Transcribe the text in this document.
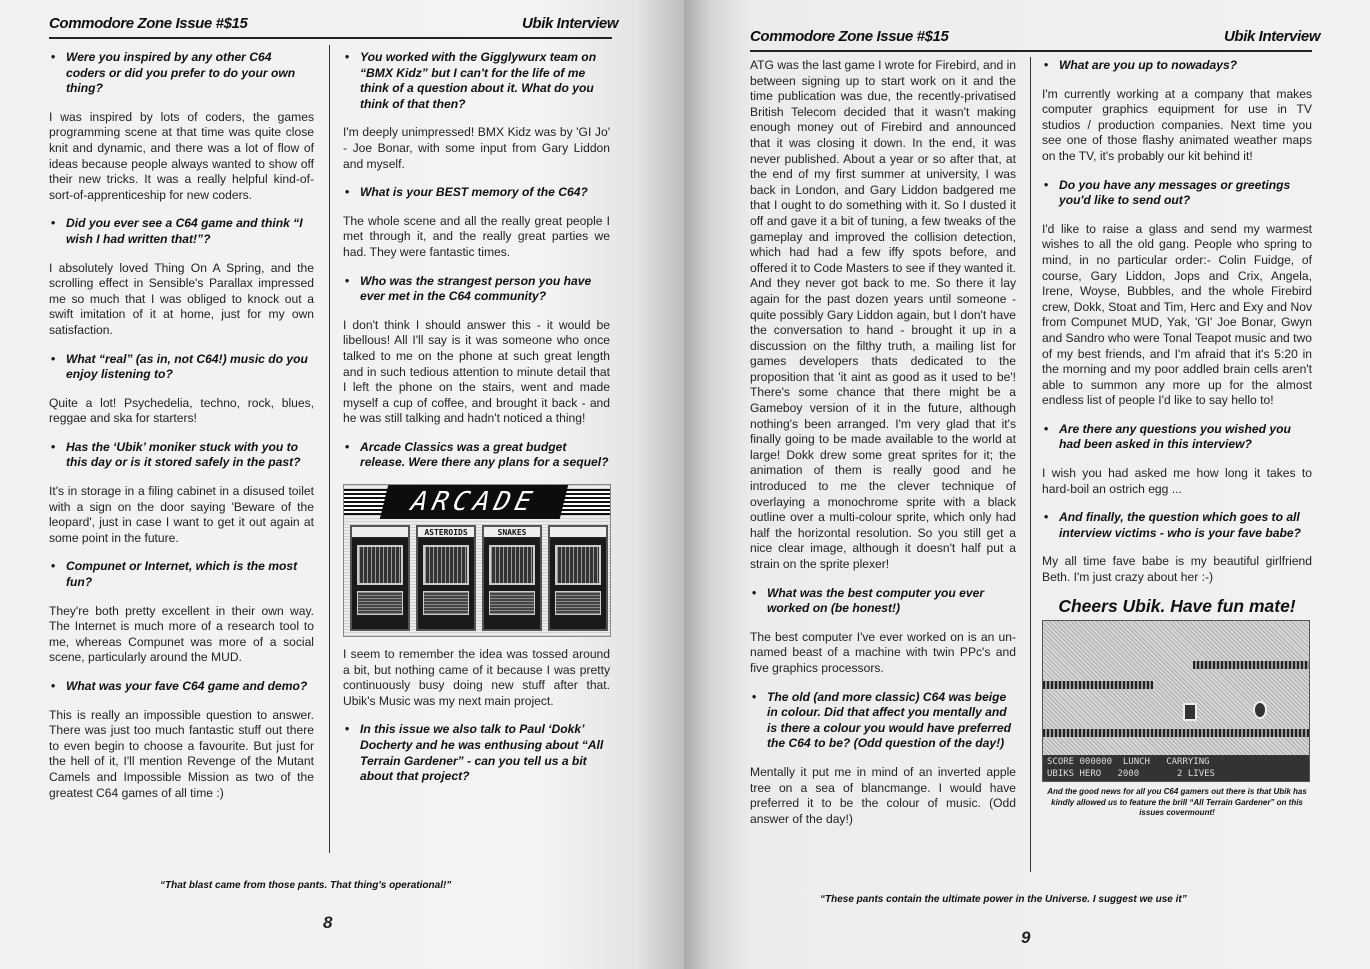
Commodore Zone Issue #$15	Ubik Interview
• Were you inspired by any other C64 coders or did you prefer to do your own thing?

I was inspired by lots of coders, the games programming scene at that time was quite close knit and dynamic, and there was a lot of flow of ideas because people always wanted to show off their new tricks. It was a really helpful kind-of-sort-of-apprenticeship for new coders.

• Did you ever see a C64 game and think “I wish I had written that!”?

I absolutely loved Thing On A Spring, and the scrolling effect in Sensible's Parallax impressed me so much that I was obliged to knock out a swift imitation of it at home, just for my own satisfaction.

• What “real” (as in, not C64!) music do you enjoy listening to?

Quite a lot! Psychedelia, techno, rock, blues, reggae and ska for starters!

• Has the ‘Ubik’ moniker stuck with you to this day or is it stored safely in the past?

It's in storage in a filing cabinet in a disused toilet with a sign on the door saying 'Beware of the leopard', just in case I want to get it out again at some point in the future.

• Compunet or Internet, which is the most fun?

They're both pretty excellent in their own way. The Internet is much more of a research tool to me, whereas Compunet was more of a social scene, particularly around the MUD.

• What was your fave C64 game and demo?

This is really an impossible question to answer. There was just too much fantastic stuff out there to even begin to choose a favourite. But just for the hell of it, I'll mention Revenge of the Mutant Camels and Impossible Mission as two of the greatest C64 games of all time :)

• You worked with the Gigglywurx team on “BMX Kidz” but I can't for the life of me think of a question about it. What do you think of that then?

I'm deeply unimpressed! BMX Kidz was by 'GI Jo' - Joe Bonar, with some input from Gary Liddon and myself.

• What is your BEST memory of the C64?

The whole scene and all the really great people I met through it, and the really great parties we had. They were fantastic times.

• Who was the strangest person you have ever met in the C64 community?

I don't think I should answer this - it would be libellous! All I'll say is it was someone who once talked to me on the phone at such great length and in such tedious attention to minute detail that I left the phone on the stairs, went and made myself a cup of coffee, and brought it back - and he was still talking and hadn't noticed a thing!

• Arcade Classics was a great budget release. Were there any plans for a sequel?
ARCADE
ASTEROIDS	SNAKES

I seem to remember the idea was tossed around a bit, but nothing came of it because I was pretty continuously busy doing new stuff after that. Ubik's Music was my next main project.

• In this issue we also talk to Paul ‘Dokk’ Docherty and he was enthusing about “All Terrain Gardener” - can you tell us a bit about that project?
“That blast came from those pants. That thing's operational!”
8
Commodore Zone Issue #$15	Ubik Interview

ATG was the last game I wrote for Firebird, and in between signing up to start work on it and the time publication was due, the recently-privatised British Telecom decided that it wasn't making enough money out of Firebird and announced that it was closing it down. In the end, it was never published. About a year or so after that, at the end of my first summer at university, I was back in London, and Gary Liddon badgered me that I ought to do something with it. So I dusted it off and gave it a bit of tuning, a few tweaks of the gameplay and improved the collision detection, which had had a few iffy spots before, and offered it to Code Masters to see if they wanted it. And they never got back to me. So there it lay again for the past dozen years until someone - quite possibly Gary Liddon again, but I don't have the conversation to hand - brought it up in a discussion on the filthy truth, a mailing list for games developers thats dedicated to the proposition that 'it aint as good as it used to be'! There's some chance that there might be a Gameboy version of it in the future, although nothing's been arranged. I'm very glad that it's finally going to be made available to the world at large! Dokk drew some great sprites for it; the animation of them is really good and he introduced to me the clever technique of overlaying a monochrome sprite with a black outline over a multi-colour sprite, which only had half the horizontal resolution. So you still get a nice clear image, although it doesn't half put a strain on the sprite plexer!

• What was the best computer you ever worked on (be honest!)

The best computer I've ever worked on is an un-named beast of a machine with twin PPc's and five graphics processors.

• The old (and more classic) C64 was beige in colour. Did that affect you mentally and is there a colour you would have preferred the C64 to be? (Odd question of the day!)

Mentally it put me in mind of an inverted apple tree on a sea of blancmange. I would have preferred it to be the colour of music. (Odd answer of the day!)

• What are you up to nowadays?

I'm currently working at a company that makes computer graphics equipment for use in TV studios / production companies. Next time you see one of those flashy animated weather maps on the TV, it's probably our kit behind it!

• Do you have any messages or greetings you'd like to send out?

I'd like to raise a glass and send my warmest wishes to all the old gang. People who spring to mind, in no particular order:- Colin Fuidge, of course, Gary Liddon, Jops and Crix, Angela, Irene, Woyse, Bubbles, and the whole Firebird crew, Dokk, Stoat and Tim, Herc and Exy and Nov from Compunet MUD, Yak, 'GI' Joe Bonar, Gwyn and Sandro who were Tonal Teapot music and two of my best friends, and I'm afraid that it's 5:20 in the morning and my poor addled brain cells aren't able to summon any more up for the almost endless list of people I'd like to say hello to!

• Are there any questions you wished you had been asked in this interview?

I wish you had asked me how long it takes to hard-boil an ostrich egg ...

• And finally, the question which goes to all interview victims - who is your fave babe?

My all time fave babe is my beautiful girlfriend Beth. I'm just crazy about her :-)

Cheers Ubik. Have fun mate!
SCORE 000000  LUNCH   CARRYING
UBIKS HERO   2000       2 LIVES
And the good news for all you C64 gamers out there is that Ubik has kindly allowed us to feature the brill “All Terrain Gardener” on this issues covermount!
“These pants contain the ultimate power in the Universe. I suggest we use it”
9
